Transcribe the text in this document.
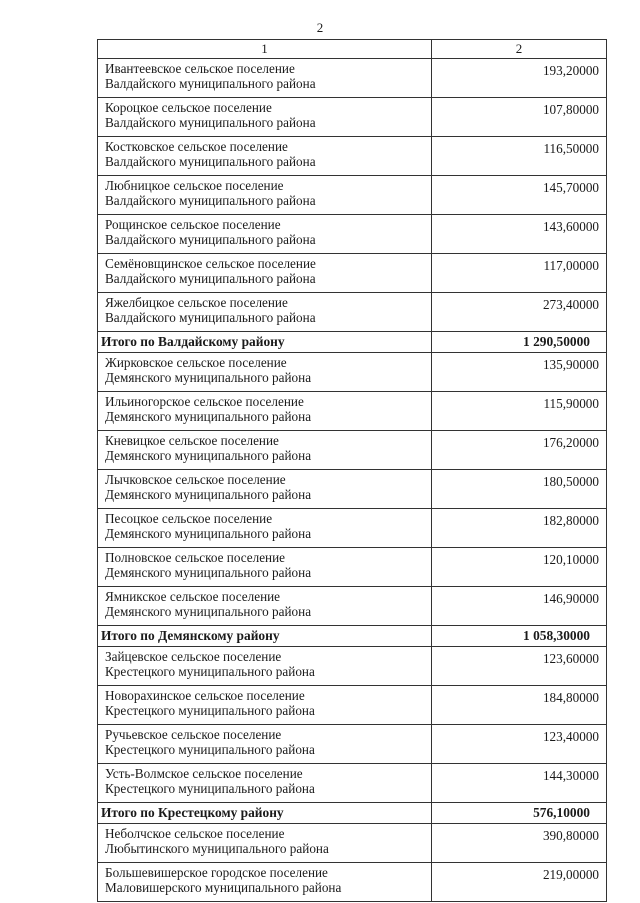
2
1	2

Ивантеевское сельское поселение
Валдайского муниципального района	193,20000

Короцкое сельское поселение
Валдайского муниципального района	107,80000

Костковское сельское поселение
Валдайского муниципального района	116,50000

Любницкое сельское поселение
Валдайского муниципального района	145,70000

Рощинское сельское поселение
Валдайского муниципального района	143,60000

Семёновщинское сельское поселение
Валдайского муниципального района	117,00000

Яжелбицкое сельское поселение
Валдайского муниципального района	273,40000
Итого по Валдайскому району	1 290,50000

Жирковское сельское поселение
Демянского муниципального района	135,90000

Ильиногорское сельское поселение
Демянского муниципального района	115,90000

Кневицкое сельское поселение
Демянского муниципального района	176,20000

Лычковское сельское поселение
Демянского муниципального района	180,50000

Песоцкое сельское поселение
Демянского муниципального района	182,80000

Полновское сельское поселение
Демянского муниципального района	120,10000

Ямникское сельское поселение
Демянского муниципального района	146,90000
Итого по Демянскому району	1 058,30000

Зайцевское сельское поселение
Крестецкого муниципального района	123,60000

Новорахинское сельское поселение
Крестецкого муниципального района	184,80000

Ручьевское сельское поселение
Крестецкого муниципального района	123,40000

Усть-Волмское сельское поселение
Крестецкого муниципального района	144,30000
Итого по Крестецкому району	576,10000

Неболчское сельское поселение
Любытинского муниципального района	390,80000

Большевишерское городское поселение
Маловишерского муниципального района	219,00000
